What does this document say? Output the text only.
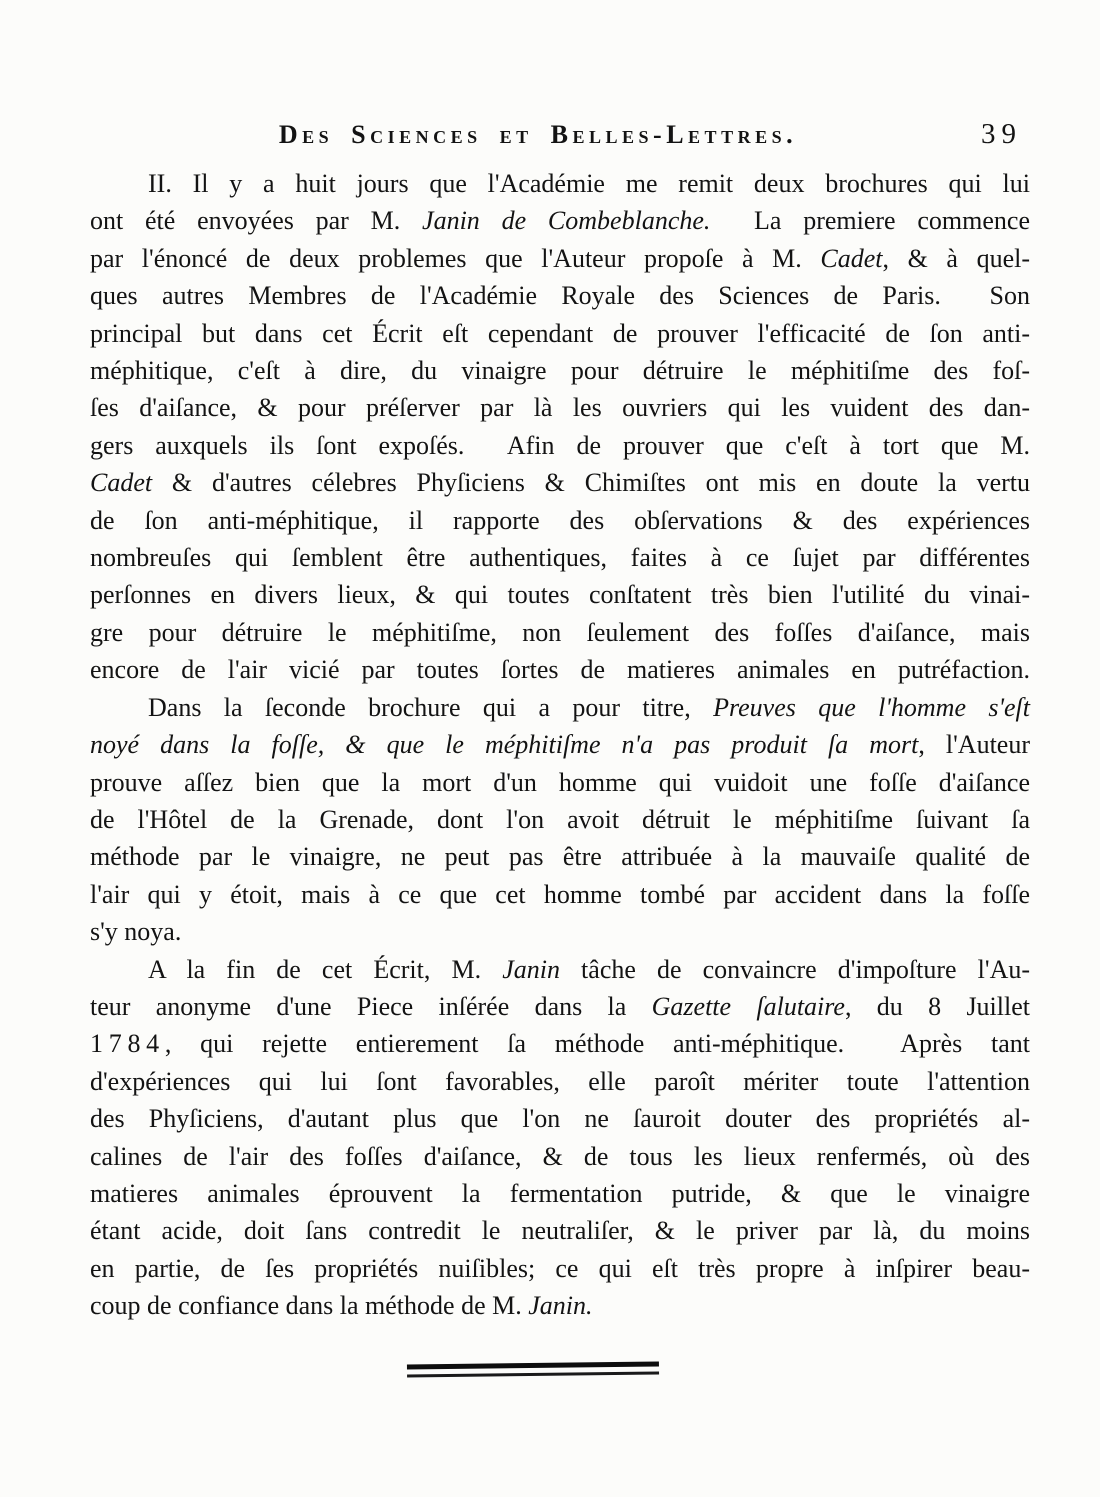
Des Sciences et Belles-Lettres.	39
II. Il y a huit jours que l'Académie me remit deux brochures qui lui
ont été envoyées par M. Janin de Combeblanche.  La premiere commence
par l'énoncé de deux problemes que l'Auteur propoſe à M. Cadet, & à quel-
ques autres Membres de l'Académie Royale des Sciences de Paris.  Son
principal but dans cet Écrit eſt cependant de prouver l'efficacité de ſon anti-
méphitique, c'eſt à dire, du vinaigre pour détruire le méphitiſme des foſ-
ſes d'aiſance, & pour préſerver par là les ouvriers qui les vuident des dan-
gers auxquels ils ſont expoſés.  Afin de prouver que c'eſt à tort que M.
Cadet & d'autres célebres Phyſiciens & Chimiſtes ont mis en doute la vertu
de ſon anti-méphitique, il rapporte des obſervations & des expériences
nombreuſes qui ſemblent être authentiques, faites à ce ſujet par différentes
perſonnes en divers lieux, & qui toutes conſtatent très bien l'utilité du vinai-
gre pour détruire le méphitiſme, non ſeulement des foſſes d'aiſance, mais
encore de l'air vicié par toutes ſortes de matieres animales en putréfaction.
Dans la ſeconde brochure qui a pour titre, Preuves que l'homme s'eſt
noyé dans la foſſe, & que le méphitiſme n'a pas produit ſa mort, l'Auteur
prouve aſſez bien que la mort d'un homme qui vuidoit une foſſe d'aiſance
de l'Hôtel de la Grenade, dont l'on avoit détruit le méphitiſme ſuivant ſa
méthode par le vinaigre, ne peut pas être attribuée à la mauvaiſe qualité de
l'air qui y étoit, mais à ce que cet homme tombé par accident dans la foſſe
s'y noya.
A la fin de cet Écrit, M. Janin tâche de convaincre d'impoſture l'Au-
teur anonyme d'une Piece inſérée dans la Gazette ſalutaire, du 8 Juillet
1784, qui rejette entierement ſa méthode anti-méphitique.  Après tant
d'expériences qui lui ſont favorables, elle paroît mériter toute l'attention
des Phyſiciens, d'autant plus que l'on ne ſauroit douter des propriétés al-
calines de l'air des foſſes d'aiſance, & de tous les lieux renfermés, où des
matieres animales éprouvent la fermentation putride, & que le vinaigre
étant acide, doit ſans contredit le neutraliſer, & le priver par là, du moins
en partie, de ſes propriétés nuiſibles; ce qui eſt très propre à inſpirer beau-
coup de confiance dans la méthode de M. Janin.
